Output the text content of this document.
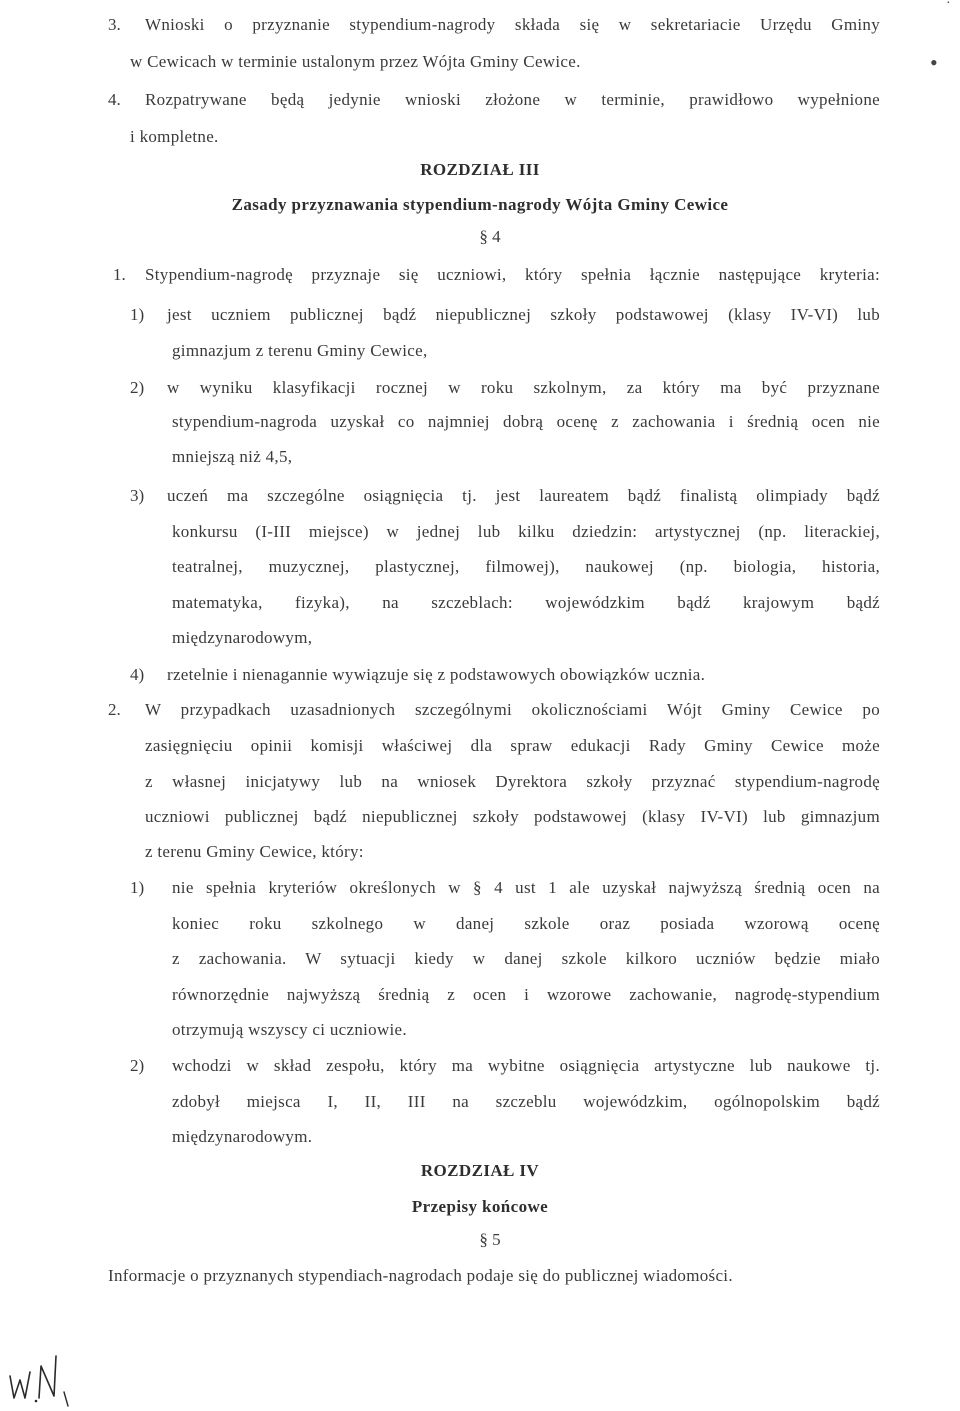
·
•
3. Wnioski o przyznanie stypendium-nagrody składa się w sekretariacie Urzędu Gminy
w Cewicach w terminie ustalonym przez Wójta Gminy Cewice.
4. Rozpatrywane będą jedynie wnioski złożone w terminie, prawidłowo wypełnione
i kompletne.
ROZDZIAŁ III
Zasady przyznawania stypendium-nagrody Wójta Gminy Cewice
§ 4
1. Stypendium-nagrodę przyznaje się uczniowi, który spełnia łącznie następujące kryteria:
1) jest uczniem publicznej bądź niepublicznej szkoły podstawowej (klasy IV-VI) lub
gimnazjum z terenu Gminy Cewice,
2) w wyniku klasyfikacji rocznej w roku szkolnym, za który ma być przyznane
stypendium-nagroda uzyskał co najmniej dobrą ocenę z zachowania i średnią ocen nie
mniejszą niż 4,5,
3) uczeń ma szczególne osiągnięcia tj. jest laureatem bądź finalistą olimpiady bądź
konkursu (I-III miejsce) w jednej lub kilku dziedzin: artystycznej (np. literackiej,
teatralnej, muzycznej, plastycznej, filmowej), naukowej (np. biologia, historia,
matematyka, fizyka), na szczeblach: wojewódzkim bądź krajowym bądź
międzynarodowym,
4) rzetelnie i nienagannie wywiązuje się z podstawowych obowiązków ucznia.
2. W przypadkach uzasadnionych szczególnymi okolicznościami Wójt Gminy Cewice po
zasięgnięciu opinii komisji właściwej dla spraw edukacji Rady Gminy Cewice może
z własnej inicjatywy lub na wniosek Dyrektora szkoły przyznać stypendium-nagrodę
uczniowi publicznej bądź niepublicznej szkoły podstawowej (klasy IV-VI) lub gimnazjum
z terenu Gminy Cewice, który:
1) nie spełnia kryteriów określonych w § 4 ust 1 ale uzyskał najwyższą średnią ocen na
koniec roku szkolnego w danej szkole oraz posiada wzorową ocenę
z zachowania. W sytuacji kiedy w danej szkole kilkoro uczniów będzie miało
równorzędnie najwyższą średnią z ocen i wzorowe zachowanie, nagrodę-stypendium
otrzymują wszyscy ci uczniowie.
2) wchodzi w skład zespołu, który ma wybitne osiągnięcia artystyczne lub naukowe tj.
zdobył miejsca I, II, III na szczeblu wojewódzkim, ogólnopolskim bądź
międzynarodowym.
ROZDZIAŁ IV
Przepisy końcowe
§ 5
Informacje o przyznanych stypendiach-nagrodach podaje się do publicznej wiadomości.
